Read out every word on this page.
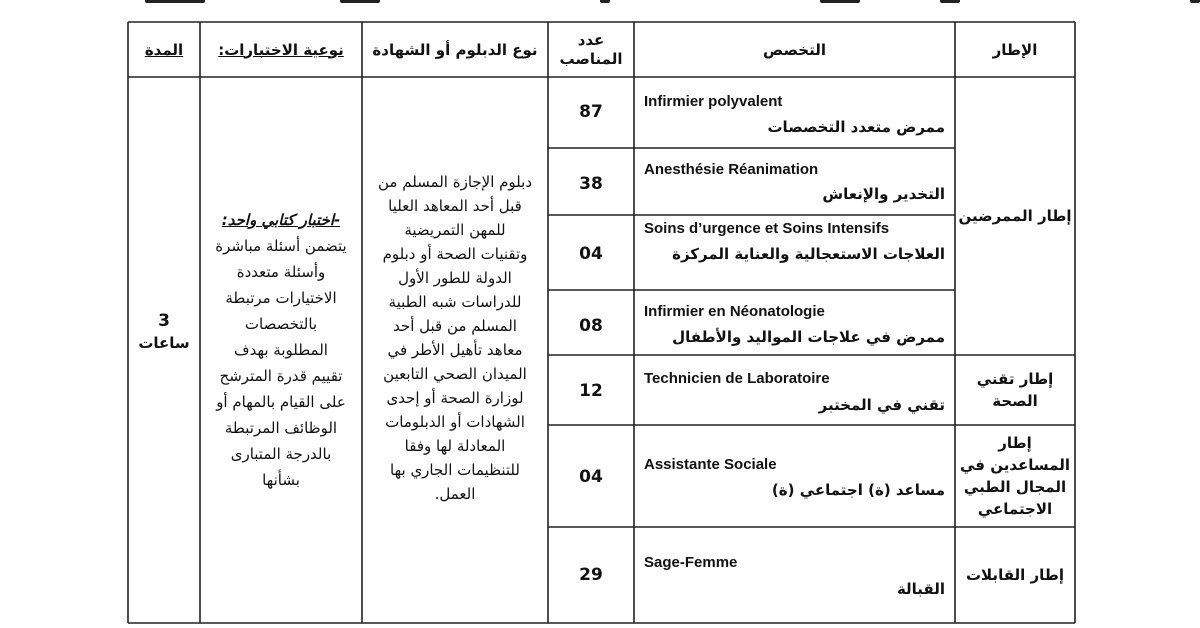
الإطار
التخصص
عدد
المناصب
نوع الدبلوم أو الشهادة
نوعية الاختبارات:
المدة
87
Infirmier polyvalent
ممرض متعدد التخصصات
38
Anesthésie Réanimation
التخدير والإنعاش
04
Soins d’urgence et Soins Intensifs
العلاجات الاستعجالية والعناية المركزة
08
Infirmier en Néonatologie
ممرض في علاجات المواليد والأطفال
12
Technicien de Laboratoire
تقني في المختبر
04
Assistante Sociale
مساعد (ة) اجتماعي (ة)
29
Sage-Femme
القبالة
إطار الممرضين
إطار تقني
الصحة
إطار
المساعدين في
المجال الطبي
الاجتماعي
إطار القابلات
دبلوم الإجازة المسلم من
قبل أحد المعاهد العليا
للمهن التمريضية
وتقنيات الصحة أو دبلوم
الدولة للطور الأول
للدراسات شبه الطبية
المسلم من قبل أحد
معاهد تأهيل الأطر في
الميدان الصحي التابعين
لوزارة الصحة أو إحدى
الشهادات أو الدبلومات
المعادلة لها وفقا
للتنظيمات الجاري بها
العمل.
-اختبار كتابي واحد:
يتضمن أسئلة مباشرة
وأسئلة متعددة
الاختيارات مرتبطة
بالتخصصات
المطلوبة بهدف
تقييم قدرة المترشح
على القيام بالمهام أو
الوظائف المرتبطة
بالدرجة المتبارى
بشأنها
3
ساعات
